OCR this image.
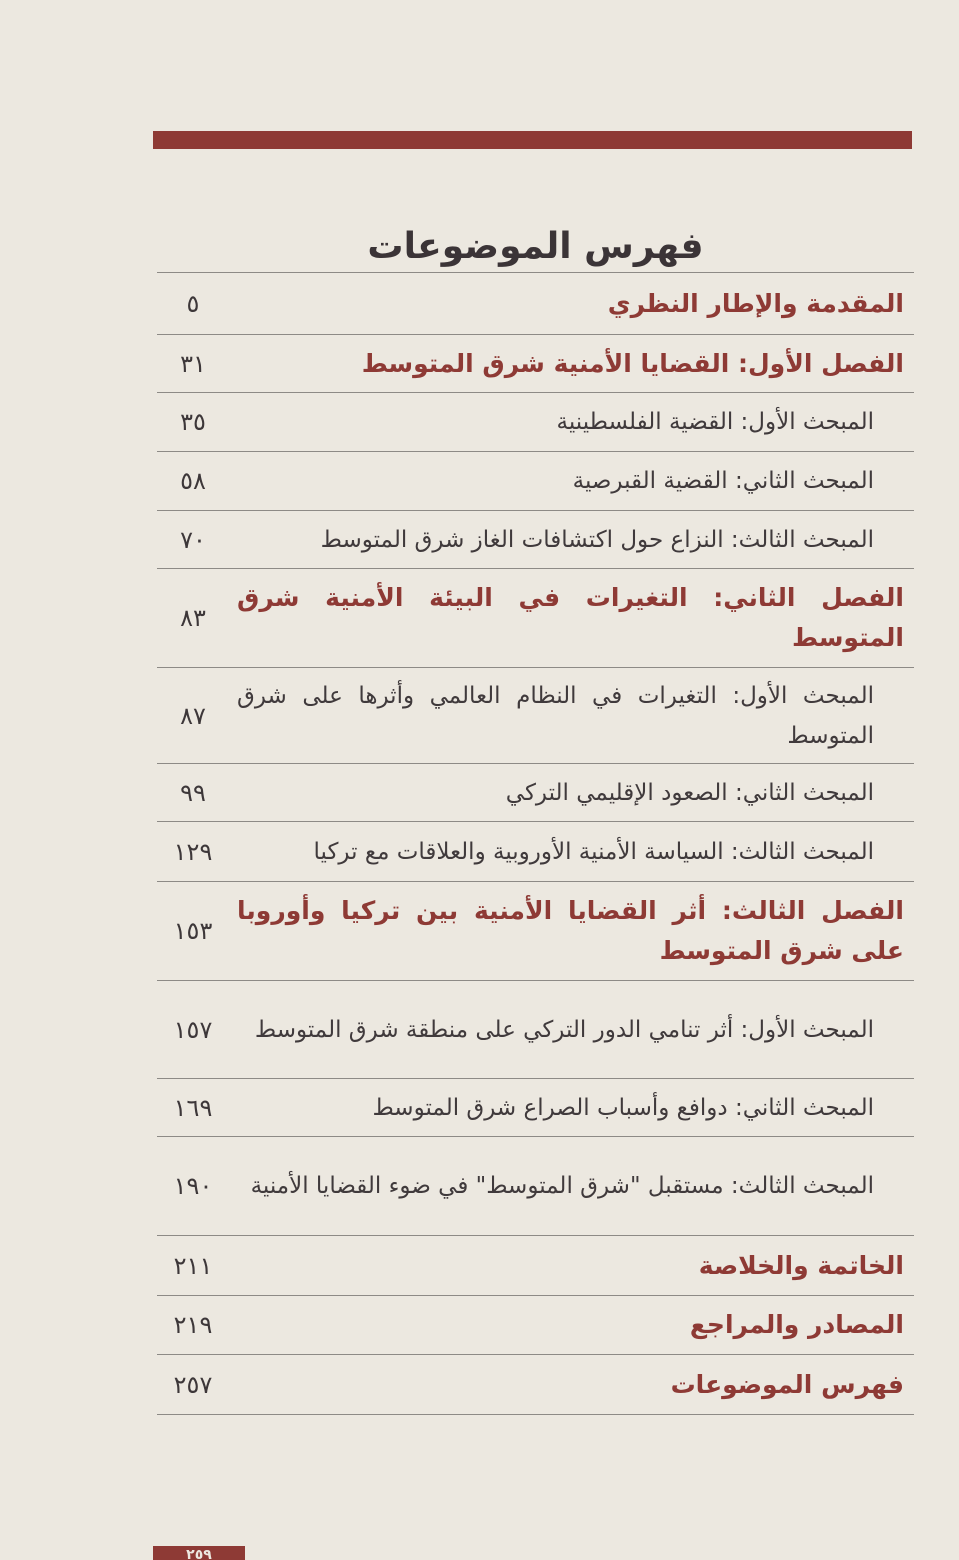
فهرس الموضوعات
المقدمة والإطار النظري
٥
الفصل الأول: القضايا الأمنية شرق المتوسط
٣١
المبحث الأول: القضية الفلسطينية
٣٥
المبحث الثاني: القضية القبرصية
٥٨
المبحث الثالث: النزاع حول اكتشافات الغاز شرق المتوسط
٧٠
الفصل الثاني: التغيرات في البيئة الأمنية شرق المتوسط
٨٣
المبحث الأول: التغيرات في النظام العالمي وأثرها على شرق المتوسط
٨٧
المبحث الثاني: الصعود الإقليمي التركي
٩٩
المبحث الثالث: السياسة الأمنية الأوروبية والعلاقات مع تركيا
١٢٩
الفصل الثالث: أثر القضايا الأمنية بين تركيا وأوروبا على شرق المتوسط
١٥٣
المبحث الأول: أثر تنامي الدور التركي على منطقة شرق المتوسط
١٥٧
المبحث الثاني: دوافع وأسباب الصراع شرق المتوسط
١٦٩
المبحث الثالث: مستقبل "شرق المتوسط" في ضوء القضايا الأمنية
١٩٠
الخاتمة والخلاصة
٢١١
المصادر والمراجع
٢١٩
فهرس الموضوعات
٢٥٧
٢٥٩
